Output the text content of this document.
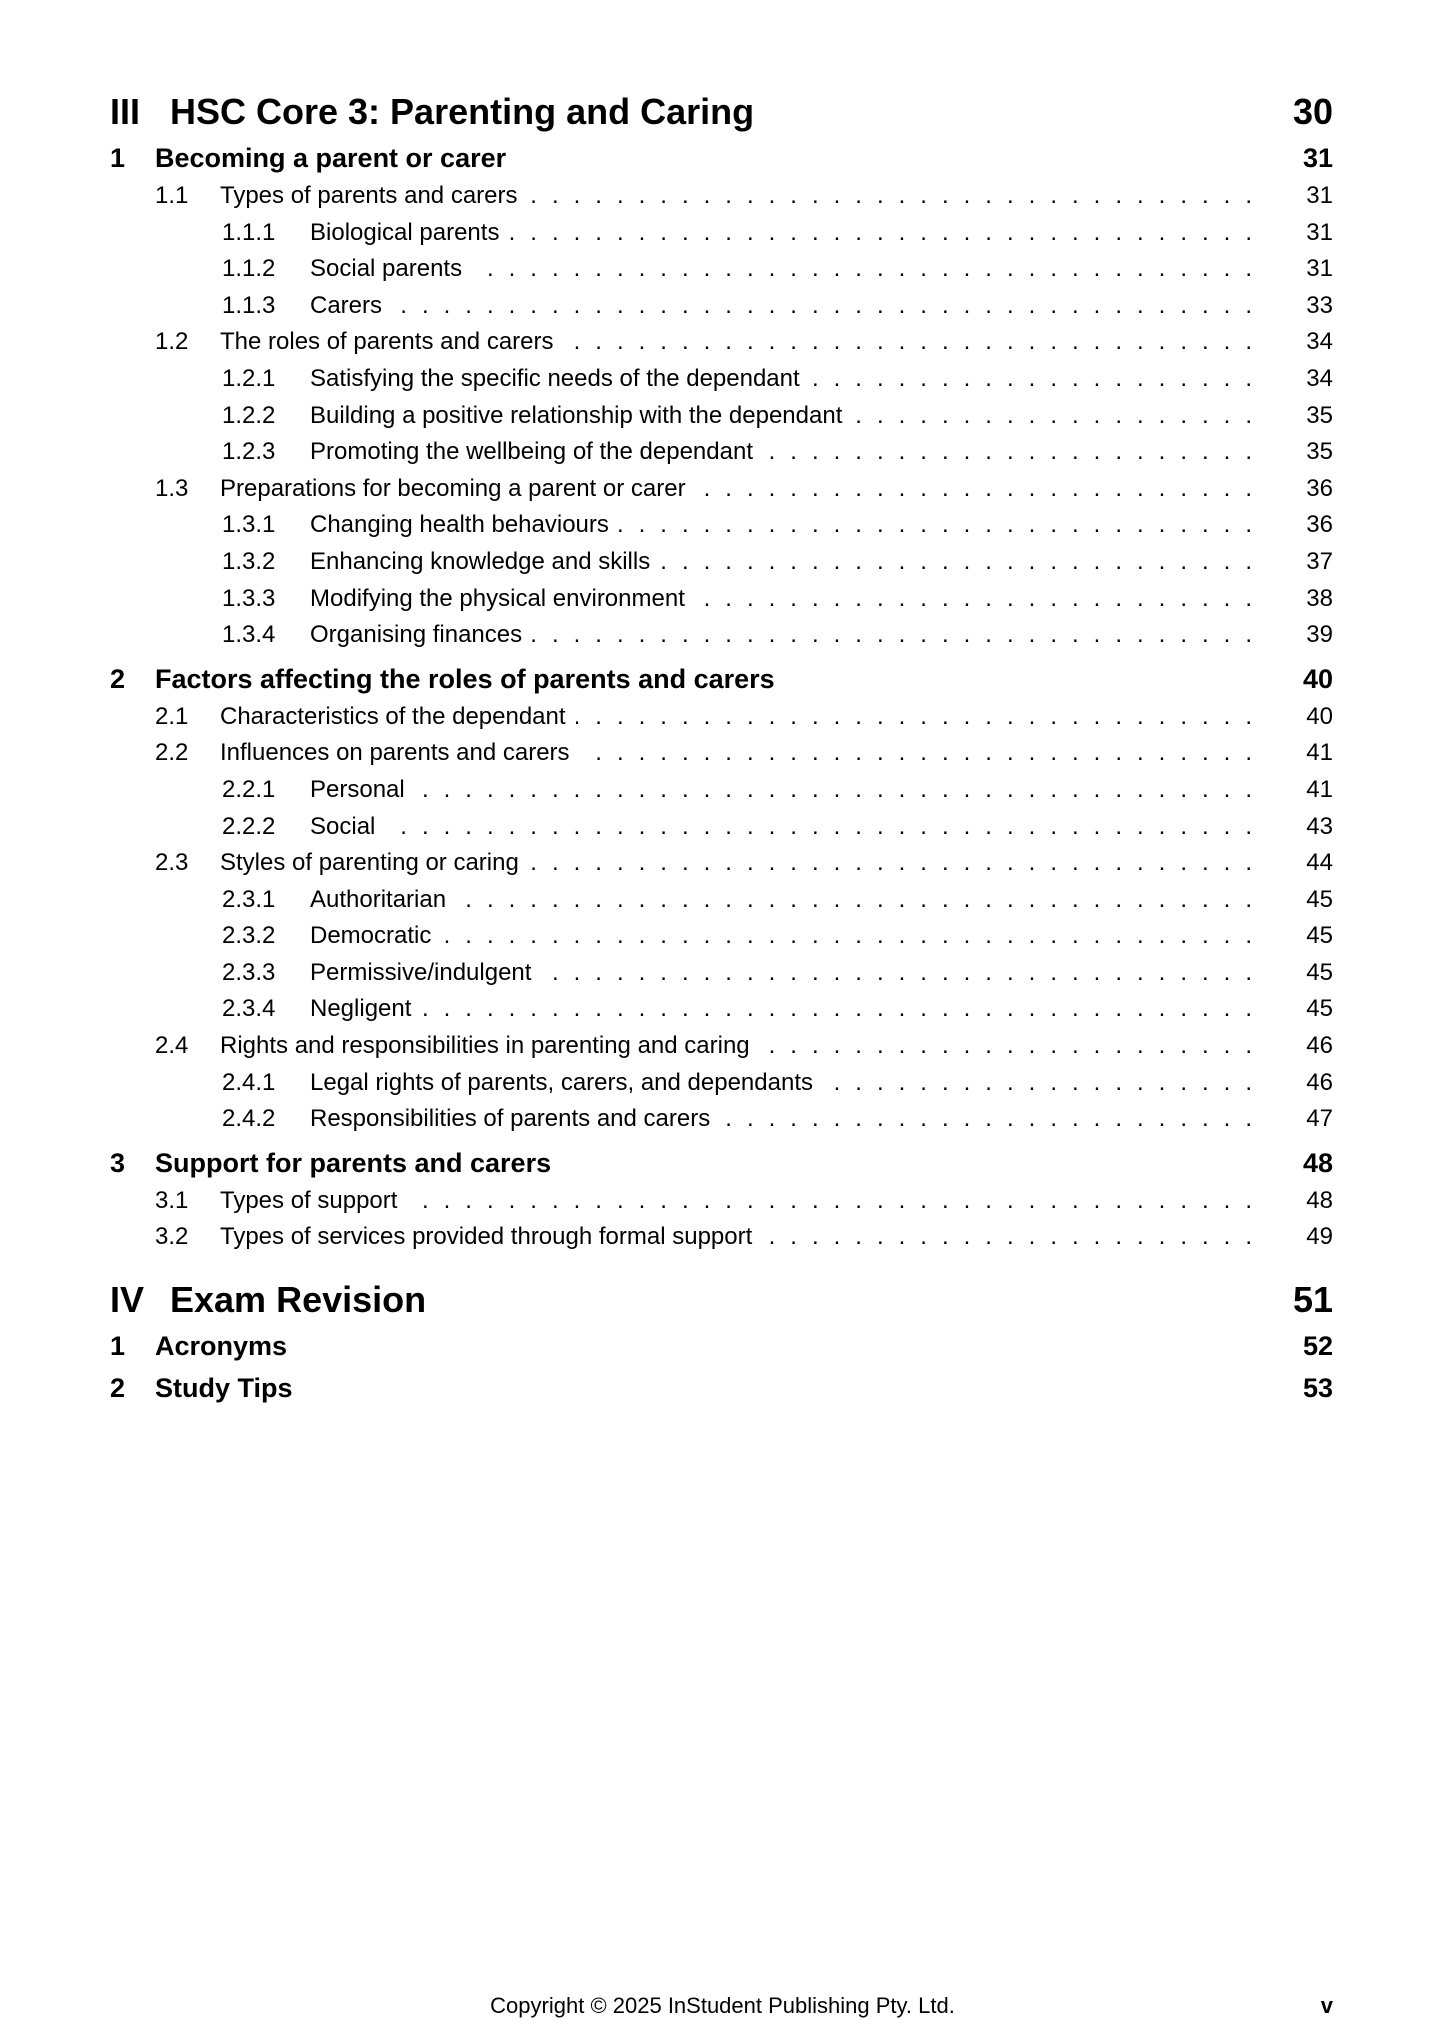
III HSC Core 3: Parenting and Caring	30
1	Becoming a parent or carer	31
1.1	Types of parents and carers .....	31
1.1.1	Biological parents .....	31
1.1.2	Social parents .....	31
1.1.3	Carers .....	33
1.2	The roles of parents and carers .....	34
1.2.1	Satisfying the specific needs of the dependant .....	34
1.2.2	Building a positive relationship with the dependant .....	35
1.2.3	Promoting the wellbeing of the dependant .....	35
1.3	Preparations for becoming a parent or carer .....	36
1.3.1	Changing health behaviours .....	36
1.3.2	Enhancing knowledge and skills .....	37
1.3.3	Modifying the physical environment .....	38
1.3.4	Organising finances .....	39
2	Factors affecting the roles of parents and carers	40
2.1	Characteristics of the dependant .....	40
2.2	Influences on parents and carers .....	41
2.2.1	Personal .....	41
2.2.2	Social .....	43
2.3	Styles of parenting or caring .....	44
2.3.1	Authoritarian .....	45
2.3.2	Democratic .....	45
2.3.3	Permissive/indulgent .....	45
2.3.4	Negligent .....	45
2.4	Rights and responsibilities in parenting and caring .....	46
2.4.1	Legal rights of parents, carers, and dependants .....	46
2.4.2	Responsibilities of parents and carers .....	47
3	Support for parents and carers	48
3.1	Types of support .....	48
3.2	Types of services provided through formal support .....	49
IV Exam Revision	51
1	Acronyms	52
2	Study Tips	53
Copyright © 2025 InStudent Publishing Pty. Ltd.	v
